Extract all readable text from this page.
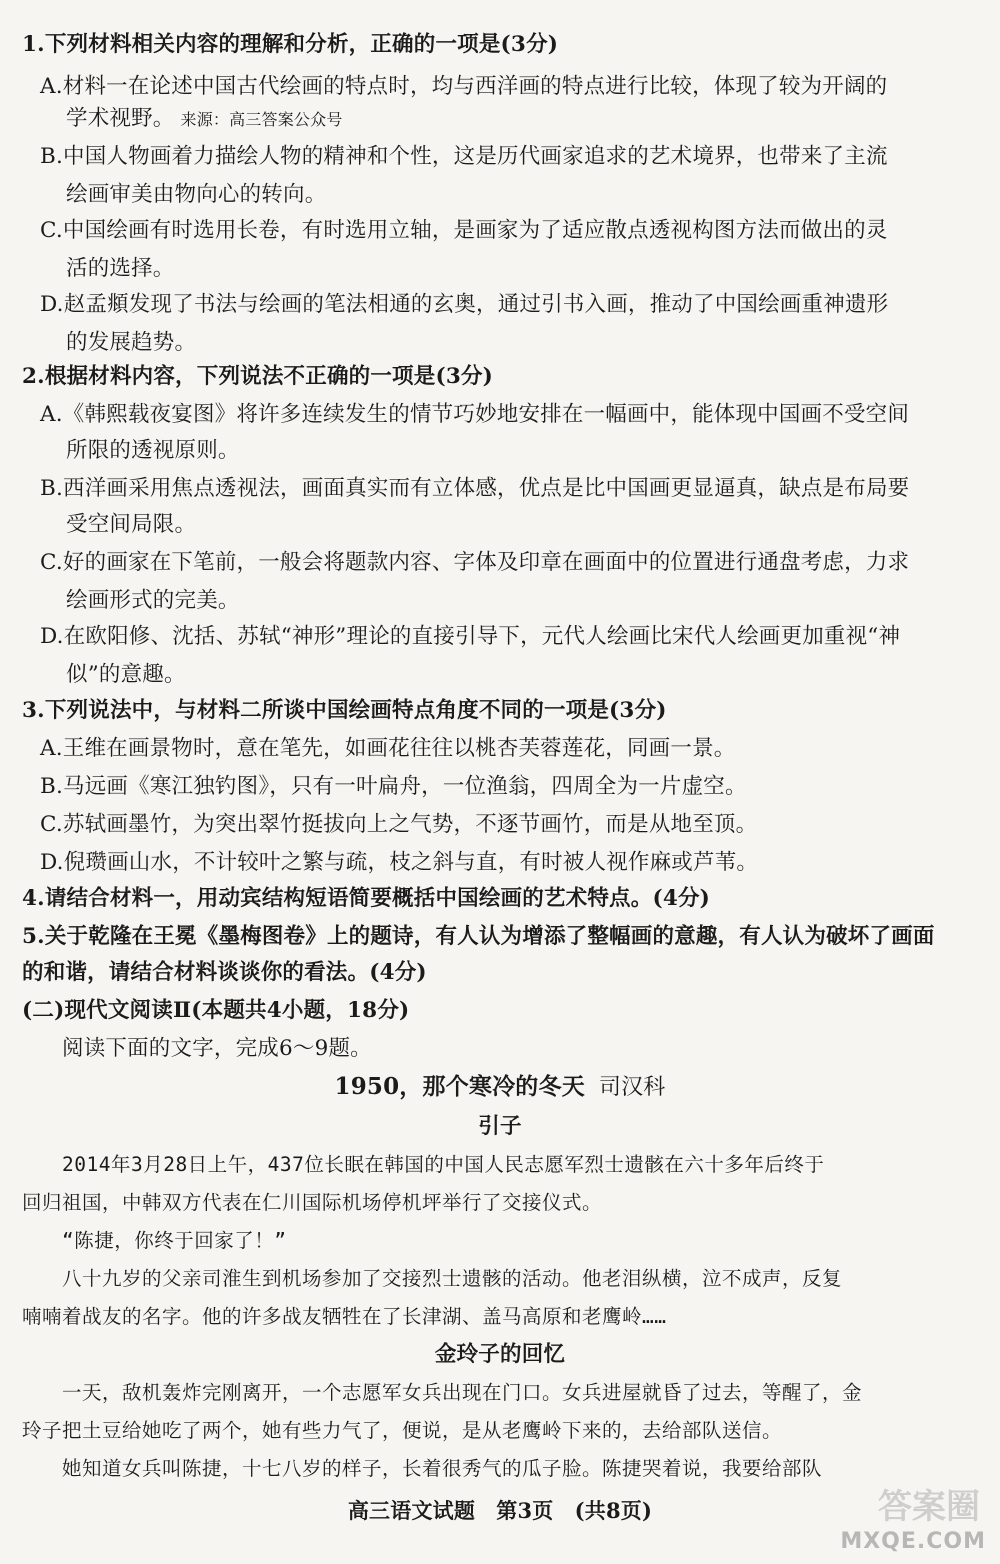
1.下列材料相关内容的理解和分析，正确的一项是(3分)
A.材料一在论述中国古代绘画的特点时，均与西洋画的特点进行比较，体现了较为开阔的
学术视野。 来源：高三答案公众号
B.中国人物画着力描绘人物的精神和个性，这是历代画家追求的艺术境界，也带来了主流
绘画审美由物向心的转向。
C.中国绘画有时选用长卷，有时选用立轴，是画家为了适应散点透视构图方法而做出的灵
活的选择。
D.赵孟頫发现了书法与绘画的笔法相通的玄奥，通过引书入画，推动了中国绘画重神遗形
的发展趋势。
2.根据材料内容，下列说法不正确的一项是(3分)
A.《韩熙载夜宴图》将许多连续发生的情节巧妙地安排在一幅画中，能体现中国画不受空间
所限的透视原则。
B.西洋画采用焦点透视法，画面真实而有立体感，优点是比中国画更显逼真，缺点是布局要
受空间局限。
C.好的画家在下笔前，一般会将题款内容、字体及印章在画面中的位置进行通盘考虑，力求
绘画形式的完美。
D.在欧阳修、沈括、苏轼“神形”理论的直接引导下，元代人绘画比宋代人绘画更加重视“神
似”的意趣。
3.下列说法中，与材料二所谈中国绘画特点角度不同的一项是(3分)
A.王维在画景物时，意在笔先，如画花往往以桃杏芙蓉莲花，同画一景。
B.马远画《寒江独钓图》，只有一叶扁舟，一位渔翁，四周全为一片虚空。
C.苏轼画墨竹，为突出翠竹挺拔向上之气势，不逐节画竹，而是从地至顶。
D.倪瓒画山水，不计较叶之繁与疏，枝之斜与直，有时被人视作麻或芦苇。
4.请结合材料一，用动宾结构短语简要概括中国绘画的艺术特点。(4分)
5.关于乾隆在王冕《墨梅图卷》上的题诗，有人认为增添了整幅画的意趣，有人认为破坏了画面
的和谐，请结合材料谈谈你的看法。(4分)
(二)现代文阅读Ⅱ(本题共4小题，18分)
阅读下面的文字，完成6～9题。
1950，那个寒冷的冬天 司汉科
引子
2014年3月28日上午，437位长眠在韩国的中国人民志愿军烈士遗骸在六十多年后终于
回归祖国，中韩双方代表在仁川国际机场停机坪举行了交接仪式。
“陈捷，你终于回家了！”
八十九岁的父亲司淮生到机场参加了交接烈士遗骸的活动。他老泪纵横，泣不成声，反复
喃喃着战友的名字。他的许多战友牺牲在了长津湖、盖马高原和老鹰岭……
金玲子的回忆
一天，敌机轰炸完刚离开，一个志愿军女兵出现在门口。女兵进屋就昏了过去，等醒了，金
玲子把土豆给她吃了两个，她有些力气了，便说，是从老鹰岭下来的，去给部队送信。
她知道女兵叫陈捷，十七八岁的样子，长着很秀气的瓜子脸。陈捷哭着说，我要给部队
高三语文试题　第3页　(共8页)	答案圈
MXQE.COM
